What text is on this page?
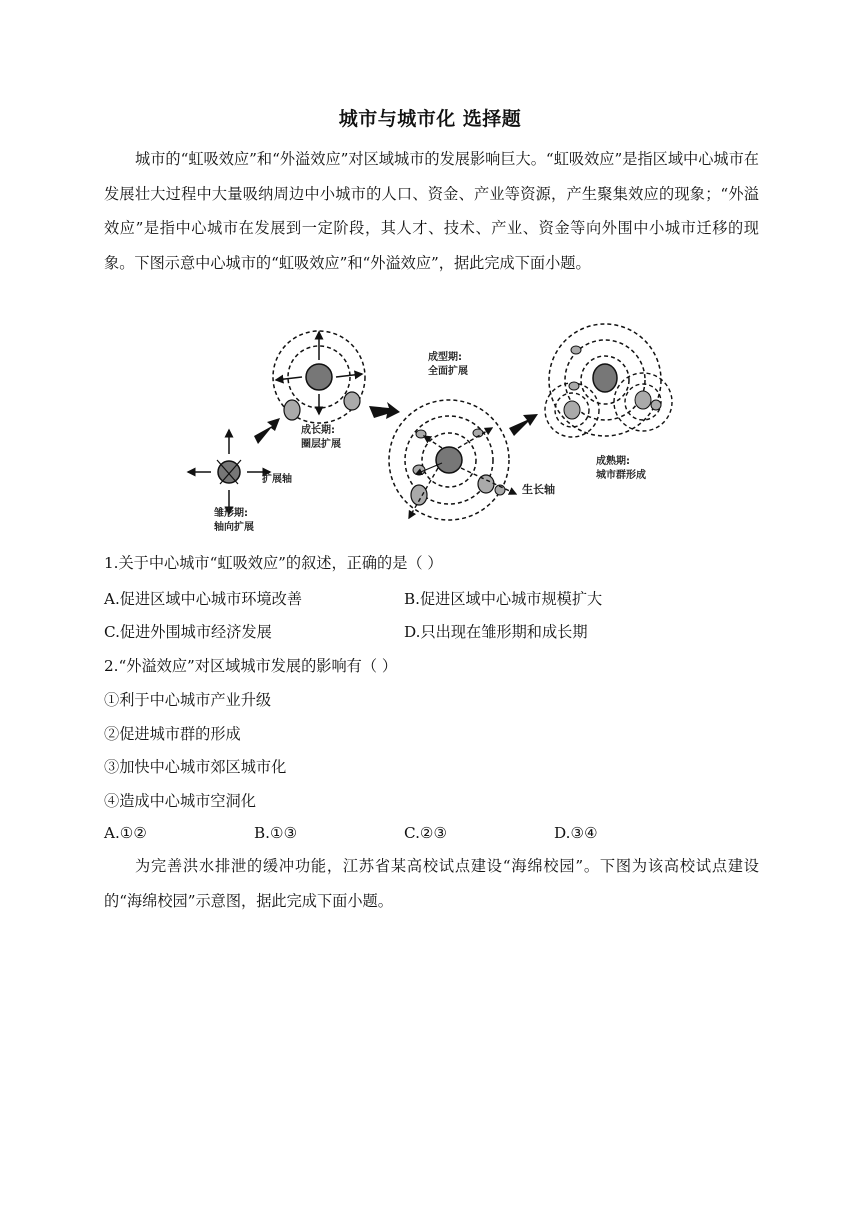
城市与城市化 选择题

城市的“虹吸效应”和“外溢效应”对区域城市的发展影响巨大。“虹吸效应”是指区域中心城市在发展壮大过程中大量吸纳周边中小城市的人口、资金、产业等资源，产生聚集效应的现象；“外溢效应”是指中心城市在发展到一定阶段，其人才、技术、产业、资金等向外围中小城市迁移的现象。下图示意中心城市的“虹吸效应”和“外溢效应”，据此完成下面小题。

扩展轴
雏形期:
轴向扩展
成长期:
圈层扩展
成型期:
全面扩展
生长轴
成熟期:
城市群形成
1.关于中心城市“虹吸效应”的叙述，正确的是（ ）
A.促进区域中心城市环境改善	B.促进区域中心城市规模扩大
C.促进外围城市经济发展	D.只出现在雏形期和成长期
2.“外溢效应”对区域城市发展的影响有（ ）
①利于中心城市产业升级
②促进城市群的形成
③加快中心城市郊区城市化
④造成中心城市空洞化
A.①②	B.①③	C.②③	D.③④

为完善洪水排泄的缓冲功能，江苏省某高校试点建设“海绵校园”。下图为该高校试点建设的“海绵校园”示意图，据此完成下面小题。
